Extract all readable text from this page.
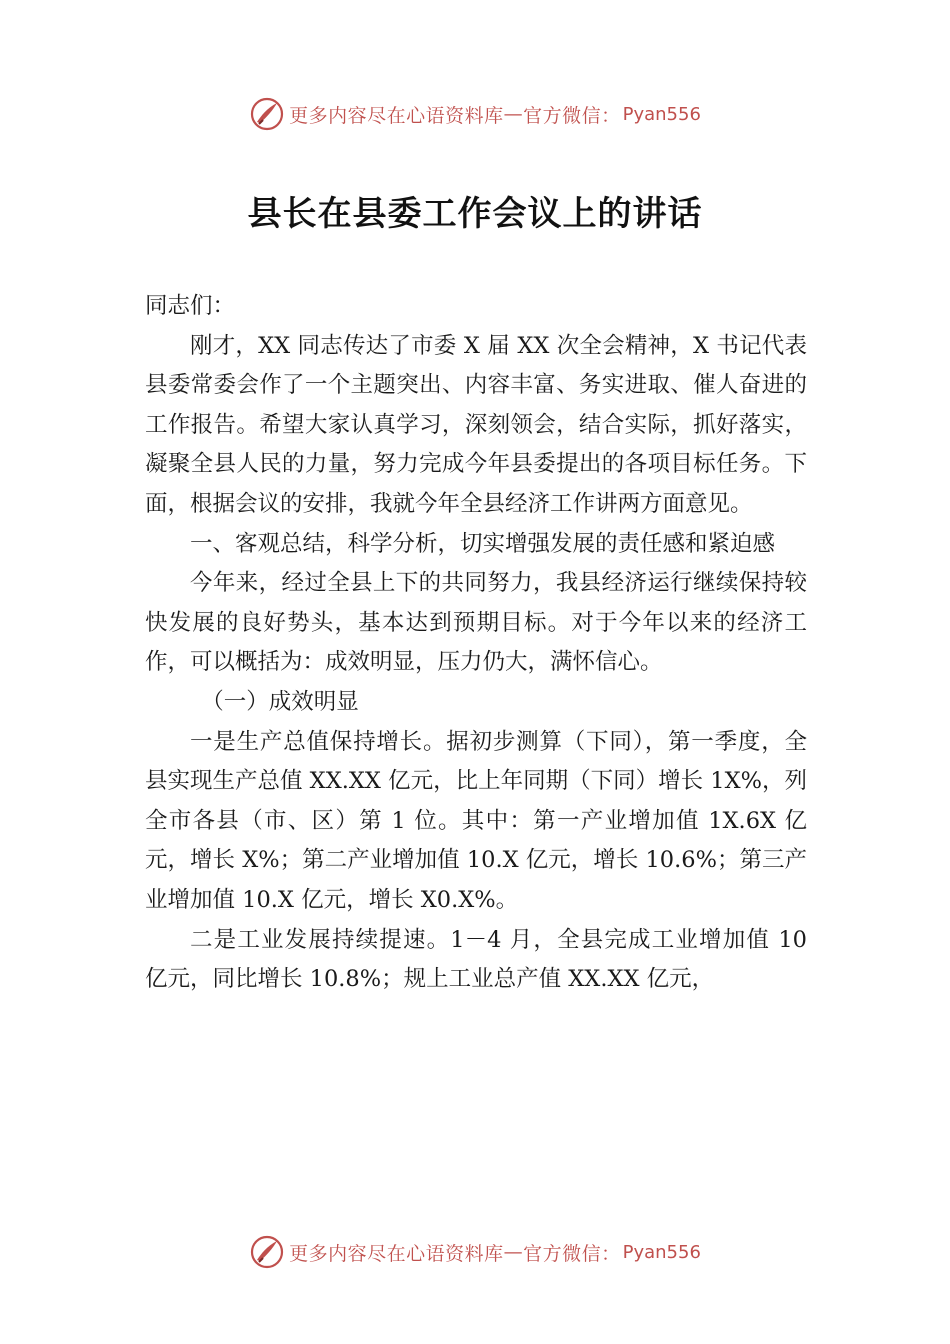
更多内容尽在心语资料库 — 官方微信： Pyan556
县长在县委工作会议上的讲话

同志们：

刚才，XX 同志传达了市委 X 届 XX 次全会精神，X 书记代表县委常委会作了一个主题突出、内容丰富、务实进取、催人奋进的工作报告。希望大家认真学习，深刻领会，结合实际，抓好落实，凝聚全县人民的力量，努力完成今年县委提出的各项目标任务。下面，根据会议的安排，我就今年全县经济工作讲两方面意见。

一、客观总结，科学分析，切实增强发展的责任感和紧迫感

今年来，经过全县上下的共同努力，我县经济运行继续保持较快发展的良好势头，基本达到预期目标。对于今年以来的经济工作，可以概括为：成效明显，压力仍大，满怀信心。

（一）成效明显

一是生产总值保持增长。据初步测算（下同），第一季度，全县实现生产总值 XX.XX 亿元，比上年同期（下同）增长 1X%，列全市各县（市、区）第 1 位。其中：第一产业增加值 1X.6X 亿元，增长 X%；第二产业增加值 10.X 亿元，增长 10.6%；第三产业增加值 10.X 亿元，增长 X0.X%。

二是工业发展持续提速。1－4 月，全县完成工业增加值 10 亿元，同比增长 10.8%；规上工业总产值 XX.XX 亿元，

更多内容尽在心语资料库 — 官方微信： Pyan556
